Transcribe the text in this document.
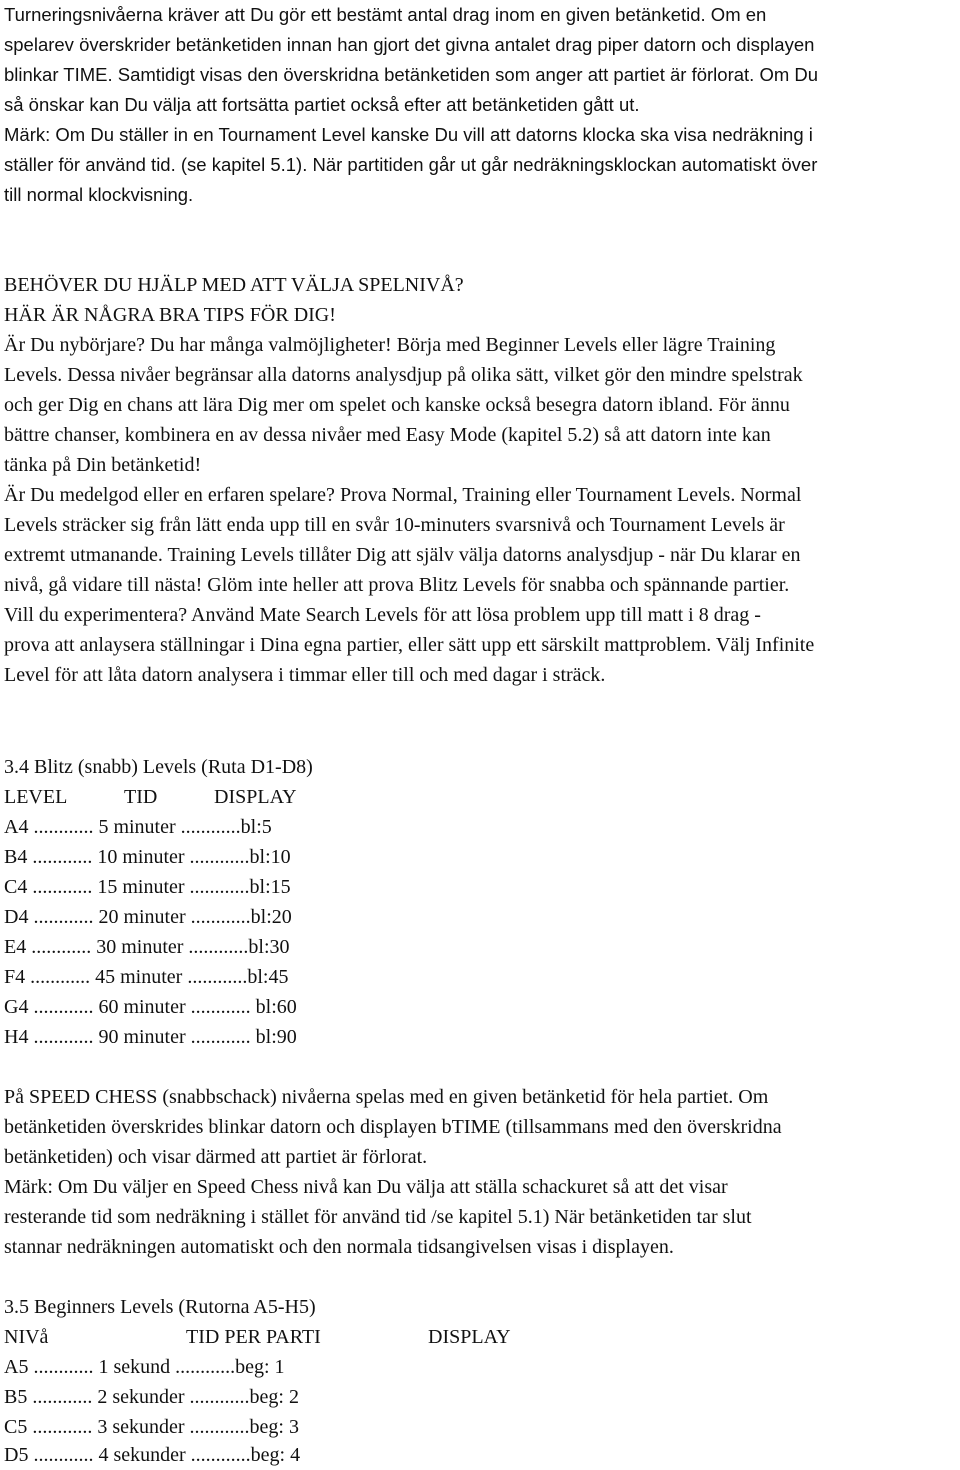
Turneringsnivåerna kräver att Du gör ett bestämt antal drag inom en given betänketid. Om en
spelarev överskrider betänketiden innan han gjort det givna antalet drag piper datorn och displayen
blinkar TIME. Samtidigt visas den överskridna betänketiden som anger att partiet är förlorat. Om Du
så önskar kan Du välja att fortsätta partiet också efter att betänketiden gått ut.
Märk: Om Du ställer in en Tournament Level kanske Du vill att datorns klocka ska visa nedräkning i
ställer för använd tid. (se kapitel 5.1). När partitiden går ut går nedräkningsklockan automatiskt över
till normal klockvisning.
BEHÖVER DU HJÄLP MED ATT VÄLJA SPELNIVÅ?
HÄR ÄR NÅGRA BRA TIPS FÖR DIG!
Är Du nybörjare? Du har många valmöjligheter! Börja med Beginner Levels eller lägre Training
Levels. Dessa nivåer begränsar alla datorns analysdjup på olika sätt, vilket gör den mindre spelstrak
och ger Dig en chans att lära Dig mer om spelet och kanske också besegra datorn ibland. För ännu
bättre chanser, kombinera en av dessa nivåer med Easy Mode (kapitel 5.2) så att datorn inte kan
tänka på Din betänketid!
Är Du medelgod eller en erfaren spelare? Prova Normal, Training eller Tournament Levels. Normal
Levels sträcker sig från lätt enda upp till en svår 10-minuters svarsnivå och Tournament Levels är
extremt utmanande. Training Levels tillåter Dig att själv välja datorns analysdjup - när Du klarar en
nivå, gå vidare till nästa! Glöm inte heller att prova Blitz Levels för snabba och spännande partier.
Vill du experimentera? Använd Mate Search Levels för att lösa problem upp till matt i 8 drag -
prova att anlaysera ställningar i Dina egna partier, eller sätt upp ett särskilt mattproblem. Välj Infinite
Level för att låta datorn analysera i timmar eller till och med dagar i sträck.
3.4 Blitz (snabb) Levels (Ruta D1-D8)
LEVEL	TID	DISPLAY
A4 ............ 5 minuter ............bl:5
B4 ............ 10 minuter ............bl:10
C4 ............ 15 minuter ............bl:15
D4 ............ 20 minuter ............bl:20
E4 ............ 30 minuter ............bl:30
F4 ............ 45 minuter ............bl:45
G4 ............ 60 minuter ............ bl:60
H4 ............ 90 minuter ............ bl:90
På SPEED CHESS (snabbschack) nivåerna spelas med en given betänketid för hela partiet. Om
betänketiden överskrides blinkar datorn och displayen bTIME (tillsammans med den överskridna
betänketiden) och visar därmed att partiet är förlorat.
Märk: Om Du väljer en Speed Chess nivå kan Du välja att ställa schackuret så att det visar
resterande tid som nedräkning i stället för använd tid /se kapitel 5.1) När betänketiden tar slut
stannar nedräkningen automatiskt och den normala tidsangivelsen visas i displayen.
3.5 Beginners Levels (Rutorna A5-H5)
NIVå	TID PER PARTI	DISPLAY
A5 ............ 1 sekund ............beg: 1
B5 ............ 2 sekunder ............beg: 2
C5 ............ 3 sekunder ............beg: 3
D5 ............ 4 sekunder ............beg: 4
